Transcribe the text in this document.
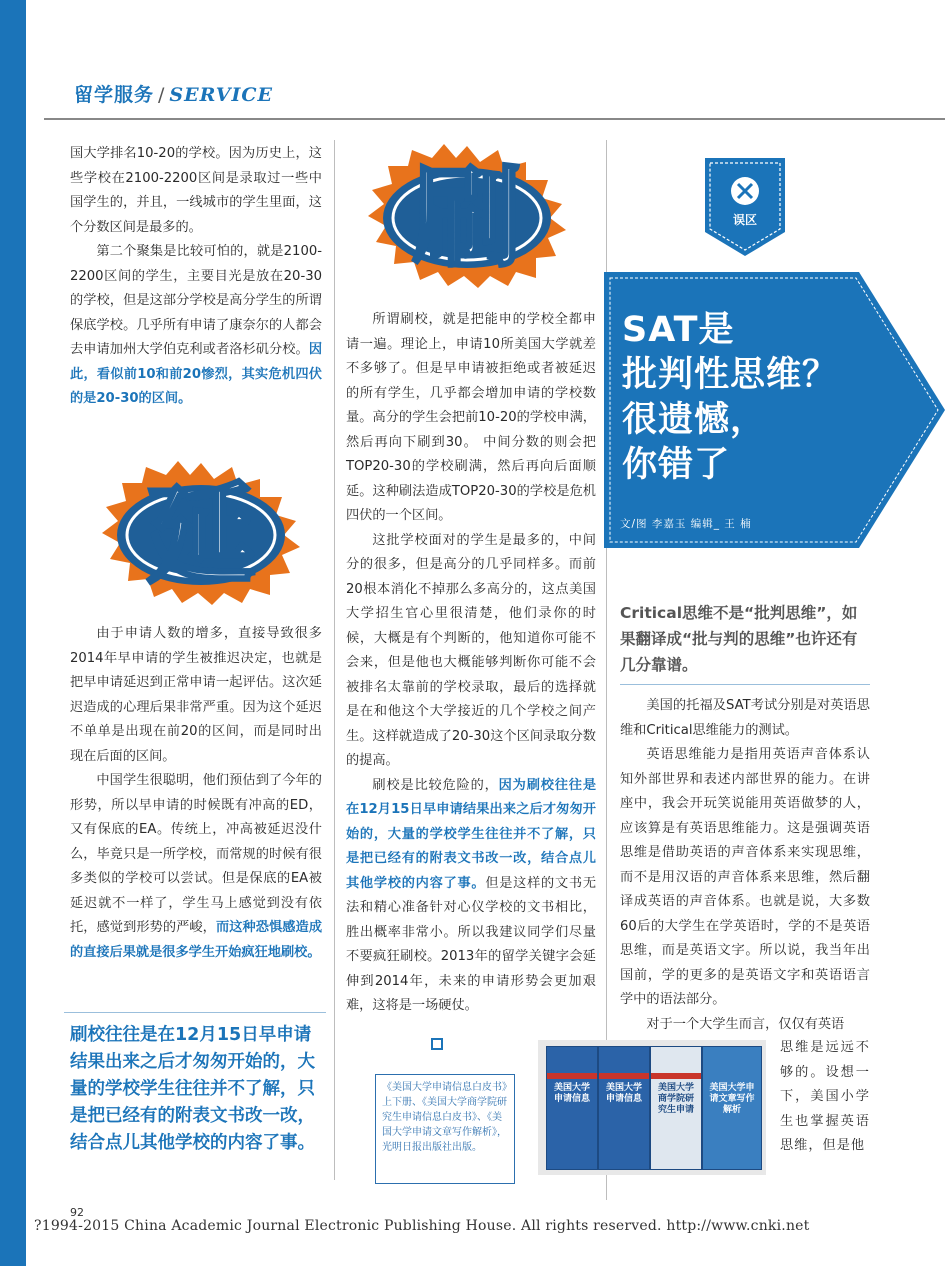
留学服务 / SERVICE

国大学排名10-20的学校。因为历史上，这些学校在2100-2200区间是录取过一些中国学生的，并且，一线城市的学生里面，这个分数区间是最多的。

第二个聚集是比较可怕的，就是2100-2200区间的学生，主要目光是放在20-30的学校，但是这部分学校是高分学生的所谓保底学校。几乎所有申请了康奈尔的人都会去申请加州大学伯克利或者洛杉矶分校。因此，看似前10和前20惨烈，其实危机四伏的是20-30的区间。

延

由于申请人数的增多，直接导致很多2014年早申请的学生被推迟决定，也就是把早申请延迟到正常申请一起评估。这次延迟造成的心理后果非常严重。因为这个延迟不单单是出现在前20的区间，而是同时出现在后面的区间。

中国学生很聪明，他们预估到了今年的形势，所以早申请的时候既有冲高的ED，又有保底的EA。传统上，冲高被延迟没什么，毕竟只是一所学校，而常规的时候有很多类似的学校可以尝试。但是保底的EA被延迟就不一样了，学生马上感觉到没有依托，感觉到形势的严峻，而这种恐惧感造成的直接后果就是很多学生开始疯狂地刷校。

刷校往往是在12月15日早申请结果出来之后才匆匆开始的，大量的学校学生往往并不了解，只是把已经有的附表文书改一改，结合点儿其他学校的内容了事。
刷

所谓刷校，就是把能申的学校全都申请一遍。理论上，申请10所美国大学就差不多够了。但是早申请被拒绝或者被延迟的所有学生，几乎都会增加申请的学校数量。高分的学生会把前10-20的学校申满，然后再向下刷到30。 中间分数的则会把TOP20-30的学校刷满，然后再向后面顺延。这种刷法造成TOP20-30的学校是危机四伏的一个区间。

这批学校面对的学生是最多的，中间分的很多，但是高分的几乎同样多。而前20根本消化不掉那么多高分的，这点美国大学招生官心里很清楚，他们录你的时候，大概是有个判断的，他知道你可能不会来，但是他也大概能够判断你可能不会被排名太靠前的学校录取，最后的选择就是在和他这个大学接近的几个学校之间产生。这样就造成了20-30这个区间录取分数的提高。

刷校是比较危险的，因为刷校往往是在12月15日早申请结果出来之后才匆匆开始的，大量的学校学生往往并不了解，只是把已经有的附表文书改一改，结合点儿其他学校的内容了事。但是这样的文书无法和精心准备针对心仪学校的文书相比，胜出概率非常小。所以我建议同学们尽量不要疯狂刷校。2013年的留学关键字会延伸到2014年，未来的申请形势会更加艰难，这将是一场硬仗。

《美国大学申请信息白皮书》上下册、《美国大学商学院研究生申请信息白皮书》、《美国大学申请文章写作解析》，光明日报出版社出版。
美国大学申请信息
美国大学申请信息
美国大学商学院研究生申请
美国大学申请文章写作解析
误区
SAT是
批判性思维？
很遗憾，
你错了
文/图 李嘉玉 编辑_ 王 楠
Critical思维不是“批判思维”，如果翻译成“批与判的思维”也许还有几分靠谱。

美国的托福及SAT考试分别是对英语思维和Critical思维能力的测试。

英语思维能力是指用英语声音体系认知外部世界和表述内部世界的能力。在讲座中，我会开玩笑说能用英语做梦的人，应该算是有英语思维能力。这是强调英语思维是借助英语的声音体系来实现思维，而不是用汉语的声音体系来思维，然后翻译成英语的声音体系。也就是说，大多数60后的大学生在学英语时，学的不是英语思维，而是英语文字。所以说，我当年出国前，学的更多的是英语文字和英语语言学中的语法部分。

对于一个大学生而言，仅仅有英语

思维是远远不够的。设想一下，美国小学生也掌握英语思维，但是他

92
?1994-2015 China Academic Journal Electronic Publishing House. All rights reserved. http://www.cnki.net
